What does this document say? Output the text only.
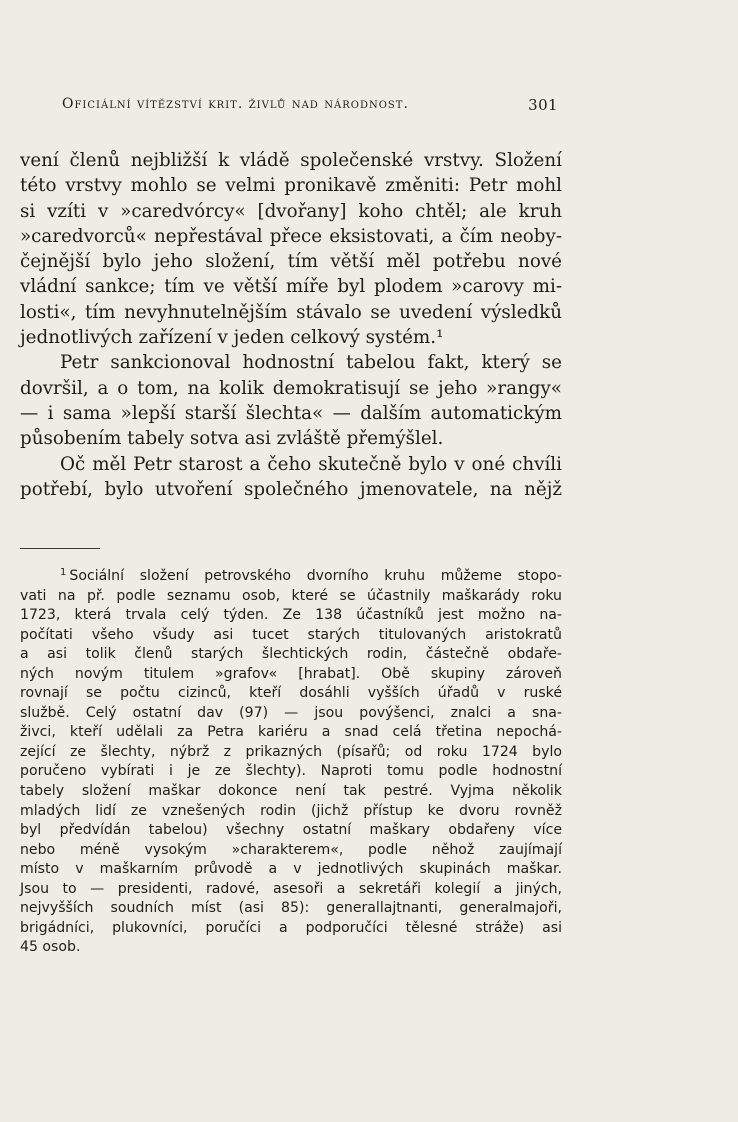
Oficiální vítězství krit. živlů nad národnost.	301

vení členů nejbližší k vládě společenské vrstvy. Složení

této vrstvy mohlo se velmi pronikavě změniti: Petr mohl

si vzíti v »caredvórcy« [dvořany] koho chtěl; ale kruh

»caredvorců« nepřestával přece eksistovati, a čím neoby-

čejnější bylo jeho složení, tím větší měl potřebu nové

vládní sankce; tím ve větší míře byl plodem »carovy mi-

losti«, tím nevyhnutelnějším stávalo se uvedení výsledků

jednotlivých zařízení v jeden celkový systém.¹

Petr sankcionoval hodnostní tabelou fakt, který se

dovršil, a o tom, na kolik demokratisují se jeho »rangy«

— i sama »lepší starší šlechta« — dalším automatickým

působením tabely sotva asi zvláště přemýšlel.

Oč měl Petr starost a čeho skutečně bylo v oné chvíli

potřebí, bylo utvoření společného jmenovatele, na nějž

$^1$ Sociální složení petrovského dvorního kruhu můžeme stopo-

vati na př. podle seznamu osob, které se účastnily maškarády roku

1723, která trvala celý týden. Ze 138 účastníků jest možno na-

počítati všeho všudy asi tucet starých titulovaných aristokratů

a asi tolik členů starých šlechtických rodin, částečně obdaře-

ných novým titulem »grafov« [hrabat]. Obě skupiny zároveň

rovnají se počtu cizinců, kteří dosáhli vyšších úřadů v ruské

službě. Celý ostatní dav (97) — jsou povýšenci, znalci a sna-

živci, kteří udělali za Petra kariéru a snad celá třetina nepochá-

zející ze šlechty, nýbrž z prikazných (písařů; od roku 1724 bylo

poručeno vybírati i je ze šlechty). Naproti tomu podle hodnostní

tabely složení maškar dokonce není tak pestré. Vyjma několik

mladých lidí ze vznešených rodin (jichž přístup ke dvoru rovněž

byl předvídán tabelou) všechny ostatní maškary obdařeny více

nebo méně vysokým »charakterem«, podle něhož zaujímají

místo v maškarním průvodě a v jednotlivých skupinách maškar.

Jsou to — presidenti, radové, asesoři a sekretáři kolegií a jiných,

nejvyšších soudních míst (asi 85): generallajtnanti, generalmajoři,

brigádníci, plukovníci, poručíci a podporučíci tělesné stráže) asi

45 osob.
